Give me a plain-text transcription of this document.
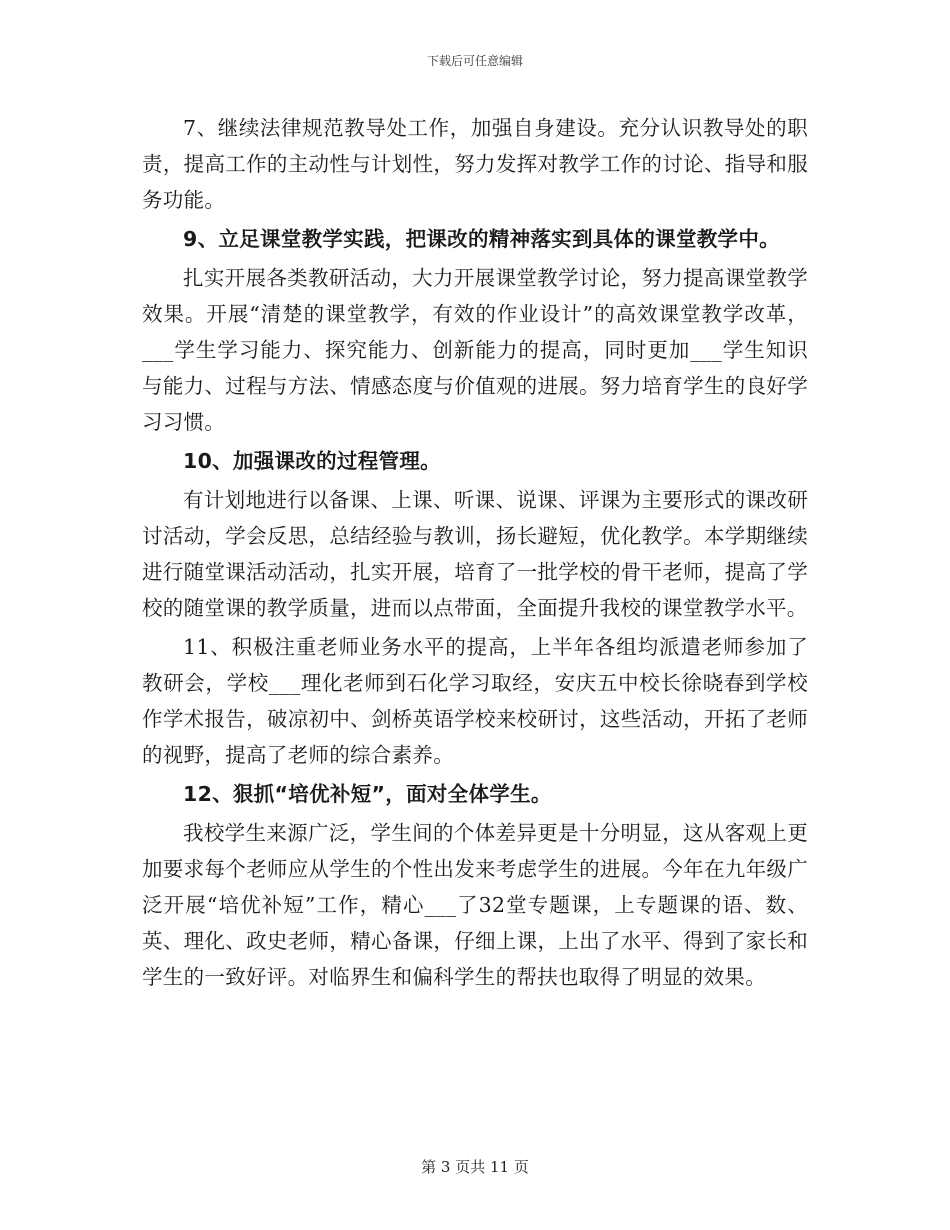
下载后可任意编辑

7、继续法律规范教导处工作，加强自身建设。充分认识教导处的职责，提高工作的主动性与计划性，努力发挥对教学工作的讨论、指导和服务功能。

9、立足课堂教学实践，把课改的精神落实到具体的课堂教学中。

扎实开展各类教研活动，大力开展课堂教学讨论，努力提高课堂教学效果。开展“清楚的课堂教学，有效的作业设计”的高效课堂教学改革，___学生学习能力、探究能力、创新能力的提高，同时更加___学生知识与能力、过程与方法、情感态度与价值观的进展。努力培育学生的良好学习习惯。

10、加强课改的过程管理。

有计划地进行以备课、上课、听课、说课、评课为主要形式的课改研讨活动，学会反思，总结经验与教训，扬长避短，优化教学。本学期继续进行随堂课活动活动，扎实开展，培育了一批学校的骨干老师，提高了学校的随堂课的教学质量，进而以点带面，全面提升我校的课堂教学水平。

11、积极注重老师业务水平的提高，上半年各组均派遣老师参加了教研会，学校___理化老师到石化学习取经，安庆五中校长徐晓春到学校作学术报告，破凉初中、剑桥英语学校来校研讨，这些活动，开拓了老师的视野，提高了老师的综合素养。

12、狠抓“培优补短”，面对全体学生。

我校学生来源广泛，学生间的个体差异更是十分明显，这从客观上更加要求每个老师应从学生的个性出发来考虑学生的进展。今年在九年级广泛开展“培优补短”工作，精心___了32堂专题课，上专题课的语、数、英、理化、政史老师，精心备课，仔细上课，上出了水平、得到了家长和学生的一致好评。对临界生和偏科学生的帮扶也取得了明显的效果。

第 3 页共 11 页
